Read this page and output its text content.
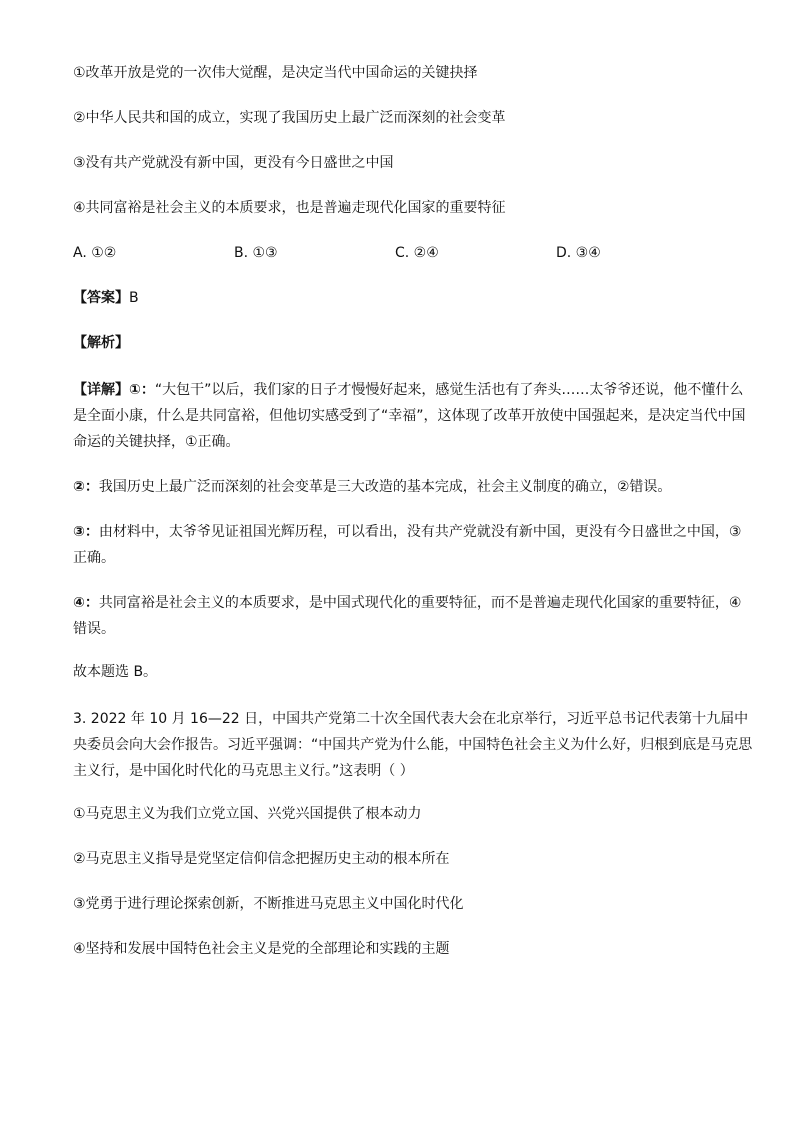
①改革开放是党的一次伟大觉醒，是决定当代中国命运的关键抉择
②中华人民共和国的成立，实现了我国历史上最广泛而深刻的社会变革
③没有共产党就没有新中国，更没有今日盛世之中国
④共同富裕是社会主义的本质要求，也是普遍走现代化国家的重要特征
A. ①②	B. ①③	C. ②④	D. ③④
【答案】B
【解析】
【详解】①：“大包干”以后，我们家的日子才慢慢好起来，感觉生活也有了奔头……太爷爷还说，他不懂什么是全面小康，什么是共同富裕，但他切实感受到了“幸福”，这体现了改革开放使中国强起来，是决定当代中国命运的关键抉择，①正确。
②：我国历史上最广泛而深刻的社会变革是三大改造的基本完成，社会主义制度的确立，②错误。
③：由材料中，太爷爷见证祖国光辉历程，可以看出，没有共产党就没有新中国，更没有今日盛世之中国，③正确。
④：共同富裕是社会主义的本质要求，是中国式现代化的重要特征，而不是普遍走现代化国家的重要特征，④错误。
故本题选 B。
3. 2022 年 10 月 16—22 日，中国共产党第二十次全国代表大会在北京举行，习近平总书记代表第十九届中央委员会向大会作报告。习近平强调：“中国共产党为什么能，中国特色社会主义为什么好，归根到底是马克思主义行，是中国化时代化的马克思主义行。”这表明（ ）
①马克思主义为我们立党立国、兴党兴国提供了根本动力
②马克思主义指导是党坚定信仰信念把握历史主动的根本所在
③党勇于进行理论探索创新，不断推进马克思主义中国化时代化
④坚持和发展中国特色社会主义是党的全部理论和实践的主题
